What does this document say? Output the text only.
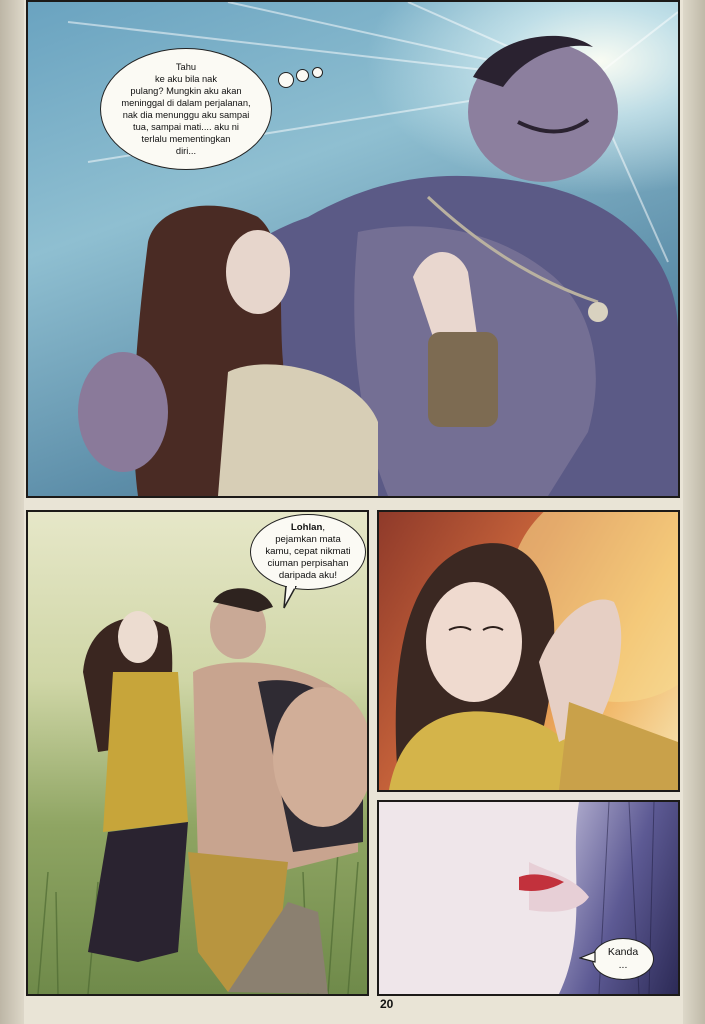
Tahu
ke aku bila nak
pulang? Mungkin aku akan
meninggal di dalam perjalanan,
nak dia menunggu aku sampai
tua, sampai mati.... aku ni
terlalu mementingkan
diri...
Lohlan,
pejamkan mata
kamu, cepat nikmati
ciuman perpisahan
daripada aku!
Kanda
...
20
